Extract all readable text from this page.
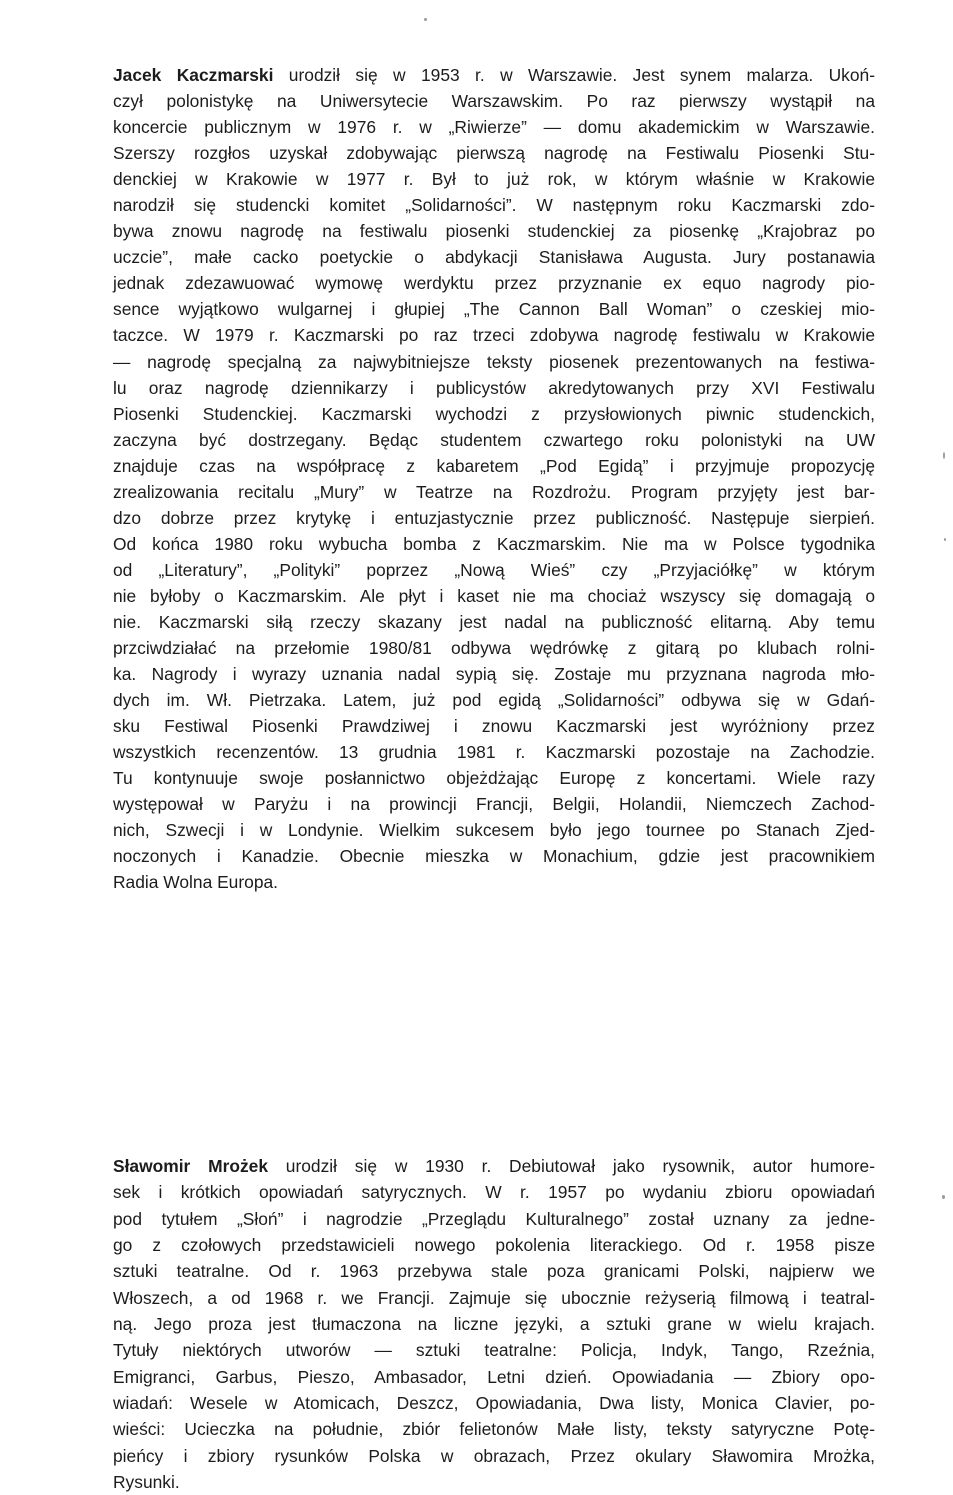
Jacek Kaczmarski urodził się w 1953 r. w Warszawie. Jest synem malarza. Ukoń-
czył polonistykę na Uniwersytecie Warszawskim. Po raz pierwszy wystąpił na
koncercie publicznym w 1976 r. w „Riwierze” — domu akademickim w Warszawie.
Szerszy rozgłos uzyskał zdobywając pierwszą nagrodę na Festiwalu Piosenki Stu-
denckiej w Krakowie w 1977 r. Był to już rok, w którym właśnie w Krakowie
narodził się studencki komitet „Solidarności”. W następnym roku Kaczmarski zdo-
bywa znowu nagrodę na festiwalu piosenki studenckiej za piosenkę „Krajobraz po
uczcie”, małe cacko poetyckie o abdykacji Stanisława Augusta. Jury postanawia
jednak zdezawuować wymowę werdyktu przez przyznanie ex equo nagrody pio-
sence wyjątkowo wulgarnej i głupiej „The Cannon Ball Woman” o czeskiej mio-
taczce. W 1979 r. Kaczmarski po raz trzeci zdobywa nagrodę festiwalu w Krakowie
— nagrodę specjalną za najwybitniejsze teksty piosenek prezentowanych na festiwa-
lu oraz nagrodę dziennikarzy i publicystów akredytowanych przy XVI Festiwalu
Piosenki Studenckiej. Kaczmarski wychodzi z przysłowionych piwnic studenckich,
zaczyna być dostrzegany. Będąc studentem czwartego roku polonistyki na UW
znajduje czas na współpracę z kabaretem „Pod Egidą” i przyjmuje propozycję
zrealizowania recitalu „Mury” w Teatrze na Rozdrożu. Program przyjęty jest bar-
dzo dobrze przez krytykę i entuzjastycznie przez publiczność. Następuje sierpień.
Od końca 1980 roku wybucha bomba z Kaczmarskim. Nie ma w Polsce tygodnika
od „Literatury”, „Polityki” poprzez „Nową Wieś” czy „Przyjaciółkę” w którym
nie byłoby o Kaczmarskim. Ale płyt i kaset nie ma chociaż wszyscy się domagają o
nie. Kaczmarski siłą rzeczy skazany jest nadal na publiczność elitarną. Aby temu
przciwdziałać na przełomie 1980/81 odbywa wędrówkę z gitarą po klubach rolni-
ka. Nagrody i wyrazy uznania nadal sypią się. Zostaje mu przyznana nagroda mło-
dych im. Wł. Pietrzaka. Latem, już pod egidą „Solidarności” odbywa się w Gdań-
sku Festiwal Piosenki Prawdziwej i znowu Kaczmarski jest wyróżniony przez
wszystkich recenzentów. 13 grudnia 1981 r. Kaczmarski pozostaje na Zachodzie.
Tu kontynuuje swoje posłannictwo objeżdżając Europę z koncertami. Wiele razy
występował w Paryżu i na prowincji Francji, Belgii, Holandii, Niemczech Zachod-
nich, Szwecji i w Londynie. Wielkim sukcesem było jego tournee po Stanach Zjed-
noczonych i Kanadzie. Obecnie mieszka w Monachium, gdzie jest pracownikiem
Radia Wolna Europa.
Sławomir Mrożek urodził się w 1930 r. Debiutował jako rysownik, autor humore-
sek i krótkich opowiadań satyrycznych. W r. 1957 po wydaniu zbioru opowiadań
pod tytułem „Słoń” i nagrodzie „Przeglądu Kulturalnego” został uznany za jedne-
go z czołowych przedstawicieli nowego pokolenia literackiego. Od r. 1958 pisze
sztuki teatralne. Od r. 1963 przebywa stale poza granicami Polski, najpierw we
Włoszech, a od 1968 r. we Francji. Zajmuje się ubocznie reżyserią filmową i teatral-
ną. Jego proza jest tłumaczona na liczne języki, a sztuki grane w wielu krajach.
Tytuły niektórych utworów — sztuki teatralne: Policja, Indyk, Tango, Rzeźnia,
Emigranci, Garbus, Pieszo, Ambasador, Letni dzień. Opowiadania — Zbiory opo-
wiadań: Wesele w Atomicach, Deszcz, Opowiadania, Dwa listy, Monica Clavier, po-
wieści: Ucieczka na południe, zbiór felietonów Małe listy, teksty satyryczne Potę-
pieńcy i zbiory rysunków Polska w obrazach, Przez okulary Sławomira Mrożka,
Rysunki.
